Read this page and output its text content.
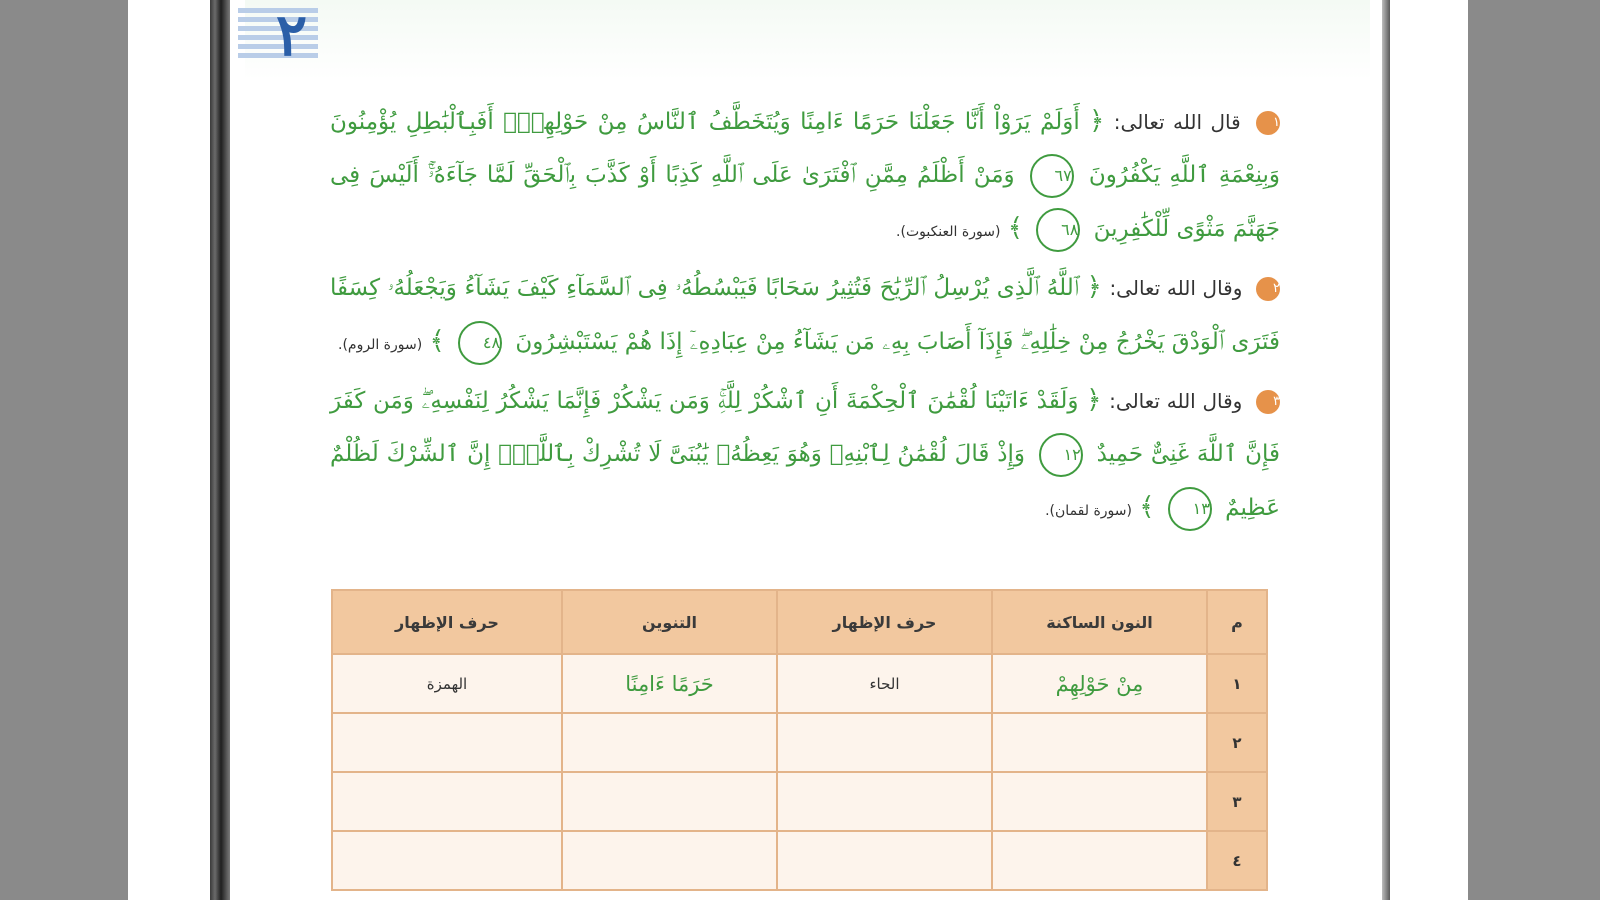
٢
١ قال الله تعالى: ﴿ أَوَلَمْ يَرَوْاْ أَنَّا جَعَلْنَا حَرَمًا ءَامِنًا وَيُتَخَطَّفُ ٱلنَّاسُ مِنْ حَوْلِهِمْۚ أَفَبِٱلْبَٰطِلِ يُؤْمِنُونَ وَبِنِعْمَةِ ٱللَّهِ يَكْفُرُونَ ٦٧ وَمَنْ أَظْلَمُ مِمَّنِ ٱفْتَرَىٰ عَلَى ٱللَّهِ كَذِبًا أَوْ كَذَّبَ بِٱلْحَقِّ لَمَّا جَآءَهُۥٓۚ أَلَيْسَ فِى جَهَنَّمَ مَثْوًى لِّلْكَٰفِرِينَ ٦٨ ﴾ (سورة العنكبوت).
٢ وقال الله تعالى: ﴿ ٱللَّهُ ٱلَّذِى يُرْسِلُ ٱلرِّيَٰحَ فَتُثِيرُ سَحَابًا فَيَبْسُطُهُۥ فِى ٱلسَّمَآءِ كَيْفَ يَشَآءُ وَيَجْعَلُهُۥ كِسَفًا فَتَرَى ٱلْوَدْقَ يَخْرُجُ مِنْ خِلَٰلِهِۦۖ فَإِذَآ أَصَابَ بِهِۦ مَن يَشَآءُ مِنْ عِبَادِهِۦٓ إِذَا هُمْ يَسْتَبْشِرُونَ ٤٨ ﴾ (سورة الروم).
٣ وقال الله تعالى: ﴿ وَلَقَدْ ءَاتَيْنَا لُقْمَٰنَ ٱلْحِكْمَةَ أَنِ ٱشْكُرْ لِلَّهِۚ وَمَن يَشْكُرْ فَإِنَّمَا يَشْكُرُ لِنَفْسِهِۦۖ وَمَن كَفَرَ فَإِنَّ ٱللَّهَ غَنِىٌّ حَمِيدٌ ١٢ وَإِذْ قَالَ لُقْمَٰنُ لِٱبْنِهِۦ وَهُوَ يَعِظُهُۥ يَٰبُنَىَّ لَا تُشْرِكْ بِٱللَّهِۖ إِنَّ ٱلشِّرْكَ لَظُلْمٌ عَظِيمٌ ١٣ ﴾ (سورة لقمان).
م	النون الساكنة	حرف الإظهار	التنوين	حرف الإظهار
١	مِنْ حَوْلِهِمْ	الحاء	حَرَمًا ءَامِنًا	الهمزة
٢				
٣				
٤				
